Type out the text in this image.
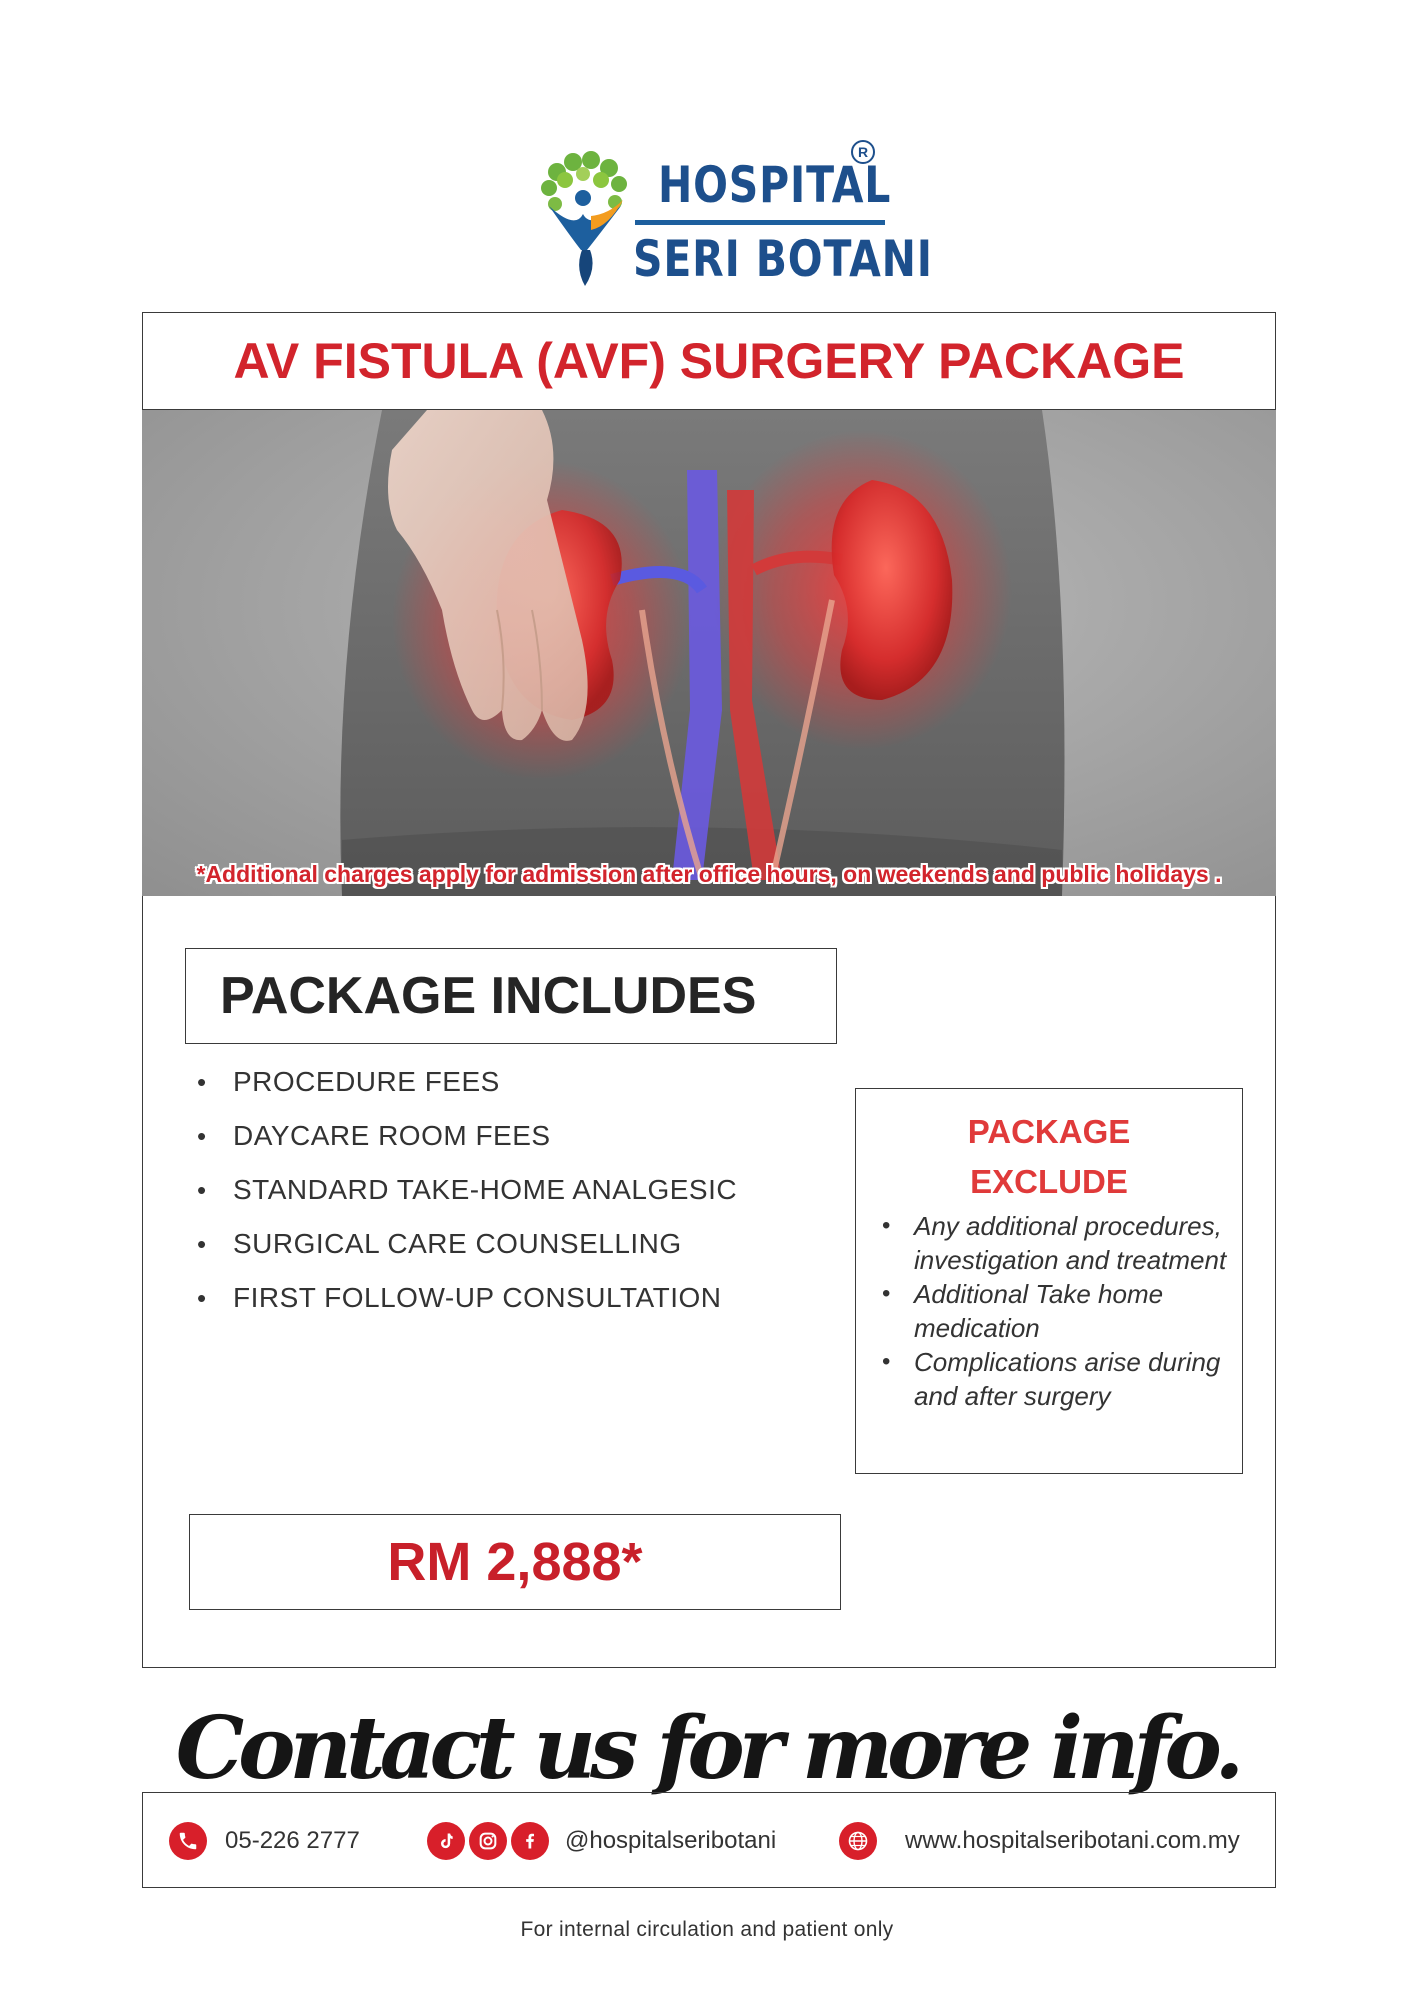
HOSPITAL
SERI BOTANI
R
AV FISTULA (AVF) SURGERY PACKAGE
*Additional charges apply for admission after office hours, on weekends and public holidays .
PACKAGE INCLUDES
• PROCEDURE FEES
• DAYCARE ROOM FEES
• STANDARD TAKE-HOME ANALGESIC
• SURGICAL CARE COUNSELLING
• FIRST FOLLOW-UP CONSULTATION
PACKAGE
EXCLUDE
• Any additional procedures, investigation and treatment
• Additional Take home medication
• Complications arise during and after surgery
RM 2,888*
Contact us for more info.
05-226 2777	@hospitalseribotani	www.hospitalseribotani.com.my
For internal circulation and patient only
